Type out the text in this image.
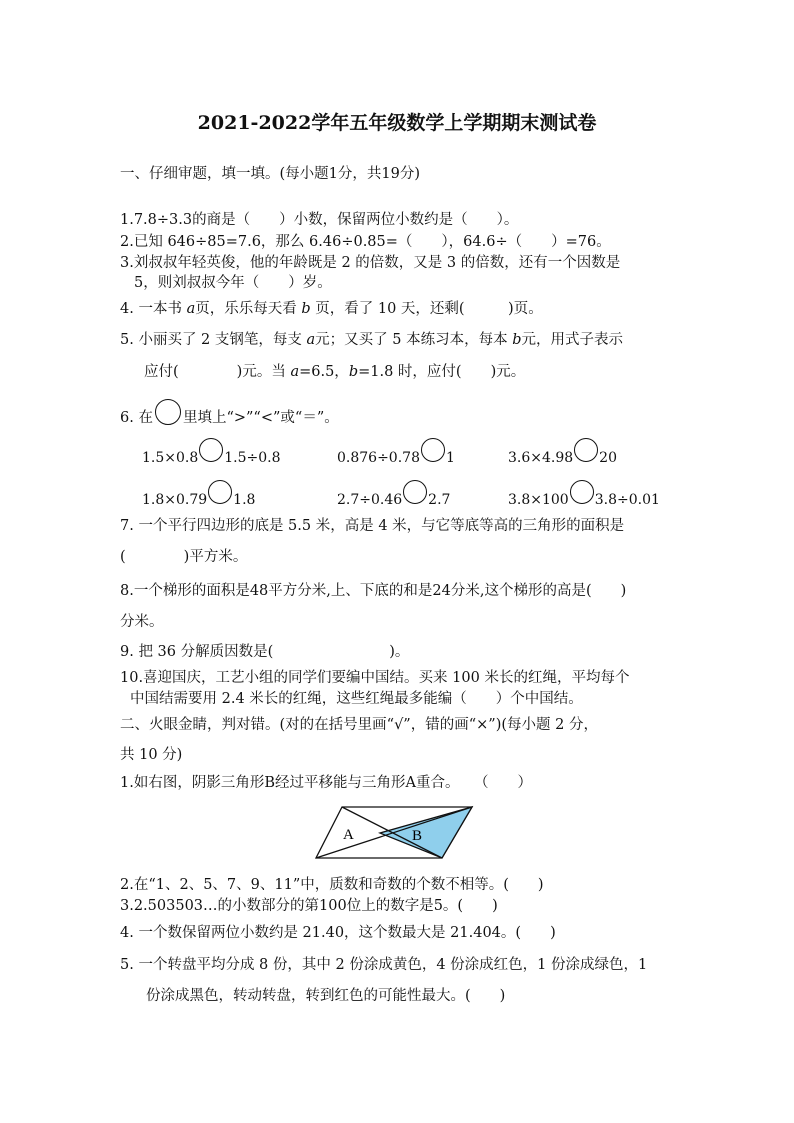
2021-2022学年五年级数学上学期期末测试卷
一、仔细审题，填一填。(每小题1分，共19分)
1.7.8÷3.3的商是（　　）小数，保留两位小数约是（　　）。
2.已知 646÷85=7.6，那么 6.46÷0.85=（　　），64.6÷（　　）=76。
3.刘叔叔年轻英俊，他的年龄既是 2 的倍数，又是 3 的倍数，还有一个因数是
5，则刘叔叔今年（　　）岁。
4. 一本书 a页，乐乐每天看 b 页，看了 10 天，还剩(　　　)页。
5. 小丽买了 2 支钢笔，每支 a元；又买了 5 本练习本，每本 b元，用式子表示
应付(　　　　)元。当 a=6.5，b=1.8 时，应付(　　)元。
6. 在 里填上“>”“<”或“＝”。
1.5×0.8 1.5÷0.8	0.876÷0.78 1	3.6×4.98 20
1.8×0.79 1.8	2.7÷0.46 2.7	3.8×100 3.8÷0.01
7. 一个平行四边形的底是 5.5 米，高是 4 米，与它等底等高的三角形的面积是
(　　　　)平方米。
8.一个梯形的面积是48平方分米,上、下底的和是24分米,这个梯形的高是(　　)
分米。
9. 把 36 分解质因数是(　　　　　　　　)。
10.喜迎国庆，工艺小组的同学们要编中国结。买来 100 米长的红绳，平均每个
中国结需要用 2.4 米长的红绳，这些红绳最多能编（　　）个中国结。
二、火眼金睛，判对错。(对的在括号里画“√”，错的画“×”)(每小题 2 分，
共 10 分)
1.如右图，阴影三角形B经过平移能与三角形A重合。　　（　　）
A	B
2.在“1、2、5、7、9、11”中，质数和奇数的个数不相等。(　　)
3.2.503503…的小数部分的第100位上的数字是5。(　　)
4. 一个数保留两位小数约是 21.40，这个数最大是 21.404。(　　)
5. 一个转盘平均分成 8 份，其中 2 份涂成黄色，4 份涂成红色，1 份涂成绿色，1
份涂成黑色，转动转盘，转到红色的可能性最大。(　　)
